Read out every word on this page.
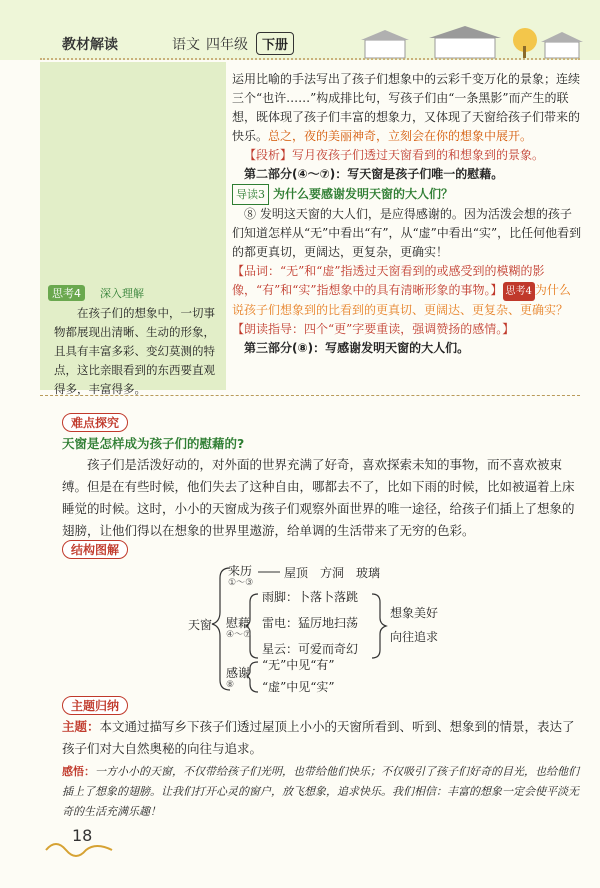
教材解读	语文 四年级	下册
思考4	深入理解
在孩子们的想象中，一切事物都展现出清晰、生动的形象，且具有丰富多彩、变幻莫测的特点，这比亲眼看到的东西要直观得多，丰富得多。

运用比喻的手法写出了孩子们想象中的云彩千变万化的景象；连续三个“也许……”构成排比句，写孩子们由“一条黑影”而产生的联想，既体现了孩子们丰富的想象力，又体现了天窗给孩子们带来的快乐。总之，夜的美丽神奇，立刻会在你的想象中展开。

【段析】写月夜孩子们透过天窗看到的和想象到的景象。

第二部分(④～⑦)：写天窗是孩子们唯一的慰藉。

导读3 为什么要感谢发明天窗的大人们？

⑧ 发明这天窗的大人们，是应得感谢的。因为活泼会想的孩子们知道怎样从“无”中看出“有”，从“虚”中看出“实”，比任何他看到的都更真切，更阔达，更复杂，更确实！

【品词：“无”和“虚”指透过天窗看到的或感受到的模糊的影像，“有”和“实”指想象中的具有清晰形象的事物。】 思考4 为什么说孩子们想象到的比看到的更真切、更阔达、更复杂、更确实？

【朗读指导：四个“更”字要重读，强调赞扬的感情。】

第三部分(⑧)：写感谢发明天窗的大人们。

难点探究
天窗是怎样成为孩子们的慰藉的?
孩子们是活泼好动的，对外面的世界充满了好奇，喜欢探索未知的事物，而不喜欢被束缚。但是在有些时候，他们失去了这种自由，哪都去不了，比如下雨的时候，比如被逼着上床睡觉的时候。这时，小小的天窗成为孩子们观察外面世界的唯一途径，给孩子们插上了想象的翅膀，让他们得以在想象的世界里遨游，给单调的生活带来了无穷的色彩。
结构图解
天窗
来历
①～③
屋顶　方洞　玻璃
慰藉
④～⑦
雨脚：卜落卜落跳
雷电：猛厉地扫荡
星云：可爱而奇幻
感谢
⑧
“无”中见“有”
“虚”中见“实”
想象美好
向往追求
主题归纳
主题：本文通过描写乡下孩子们透过屋顶上小小的天窗所看到、听到、想象到的情景，表达了孩子们对大自然奥秘的向往与追求。
感悟：一方小小的天窗，不仅带给孩子们光明，也带给他们快乐；不仅吸引了孩子们好奇的目光，也给他们插上了想象的翅膀。让我们打开心灵的窗户，放飞想象，追求快乐。我们相信：丰富的想象一定会使平淡无奇的生活充满乐趣！
18
